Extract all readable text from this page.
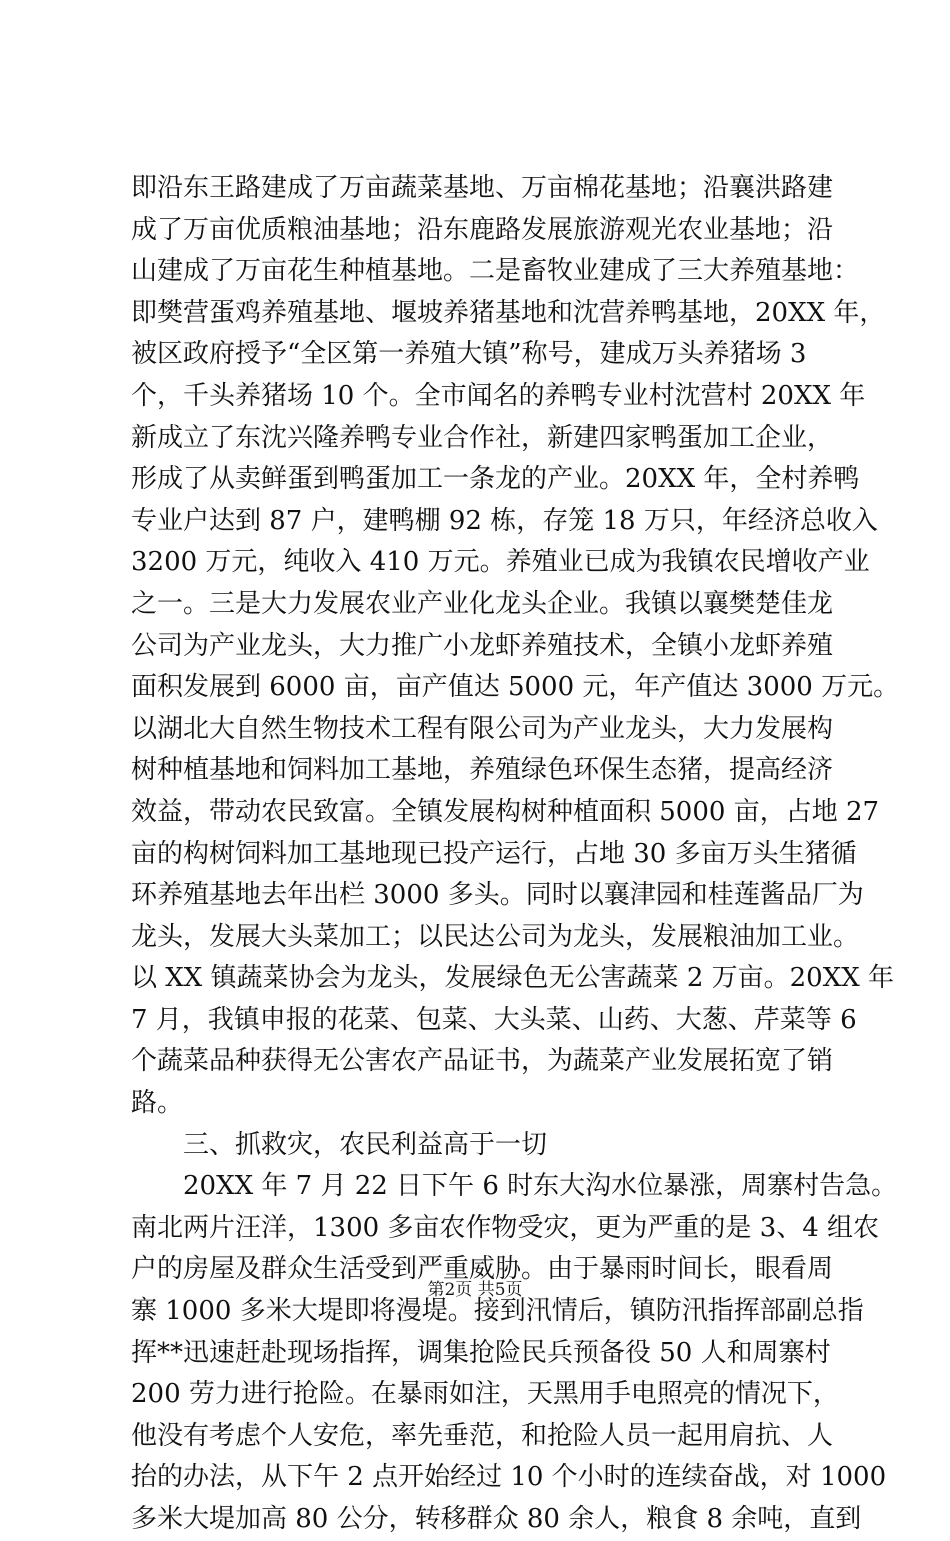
即沿东王路建成了万亩蔬菜基地、万亩棉花基地；沿襄洪路建
成了万亩优质粮油基地；沿东鹿路发展旅游观光农业基地；沿
山建成了万亩花生种植基地。二是畜牧业建成了三大养殖基地：
即樊营蛋鸡养殖基地、堰坡养猪基地和沈营养鸭基地，20XX 年，
被区政府授予“全区第一养殖大镇”称号，建成万头养猪场 3
个，千头养猪场 10 个。全市闻名的养鸭专业村沈营村 20XX 年
新成立了东沈兴隆养鸭专业合作社，新建四家鸭蛋加工企业，
形成了从卖鲜蛋到鸭蛋加工一条龙的产业。20XX 年，全村养鸭
专业户达到 87 户，建鸭棚 92 栋，存笼 18 万只，年经济总收入
3200 万元，纯收入 410 万元。养殖业已成为我镇农民增收产业
之一。三是大力发展农业产业化龙头企业。我镇以襄樊楚佳龙
公司为产业龙头，大力推广小龙虾养殖技术，全镇小龙虾养殖
面积发展到 6000 亩，亩产值达 5000 元，年产值达 3000 万元。
以湖北大自然生物技术工程有限公司为产业龙头，大力发展构
树种植基地和饲料加工基地，养殖绿色环保生态猪，提高经济
效益，带动农民致富。全镇发展构树种植面积 5000 亩，占地 27
亩的构树饲料加工基地现已投产运行，占地 30 多亩万头生猪循
环养殖基地去年出栏 3000 多头。同时以襄津园和桂莲酱品厂为
龙头，发展大头菜加工；以民达公司为龙头，发展粮油加工业。
以 XX 镇蔬菜协会为龙头，发展绿色无公害蔬菜 2 万亩。20XX 年
7 月，我镇申报的花菜、包菜、大头菜、山药、大葱、芹菜等 6
个蔬菜品种获得无公害农产品证书，为蔬菜产业发展拓宽了销
路。
　　三、抓救灾，农民利益高于一切
　　20XX 年 7 月 22 日下午 6 时东大沟水位暴涨，周寨村告急。
南北两片汪洋，1300 多亩农作物受灾，更为严重的是 3、4 组农
户的房屋及群众生活受到严重威胁。由于暴雨时间长，眼看周
寨 1000 多米大堤即将漫堤。接到汛情后，镇防汛指挥部副总指
挥**迅速赶赴现场指挥，调集抢险民兵预备役 50 人和周寨村
200 劳力进行抢险。在暴雨如注，天黑用手电照亮的情况下，
他没有考虑个人安危，率先垂范，和抢险人员一起用肩抗、人
抬的办法，从下午 2 点开始经过 10 个小时的连续奋战，对 1000
多米大堤加高 80 公分，转移群众 80 余人，粮食 8 余吨，直到
第2页 共5页
